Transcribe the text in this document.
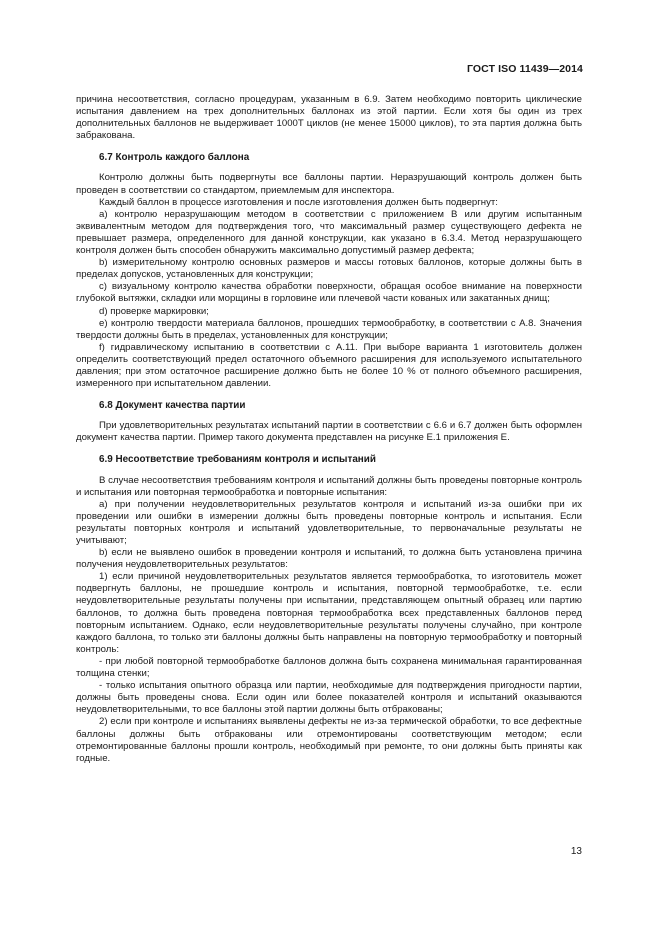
ГОСТ ISO 11439—2014

причина несоответствия, согласно процедурам, указанным в 6.9. Затем необходимо повторить циклические испытания давлением на трех дополнительных баллонах из этой партии. Если хотя бы один из трех дополнительных баллонов не выдерживает 1000T циклов (не менее 15000 циклов), то эта партия должна быть забракована.

6.7 Контроль каждого баллона

Контролю должны быть подвергнуты все баллоны партии. Неразрушающий контроль должен быть проведен в соответствии со стандартом, приемлемым для инспектора.

Каждый баллон в процессе изготовления и после изготовления должен быть подвергнут:

a) контролю неразрушающим методом в соответствии с приложением B или другим испытанным эквивалентным методом для подтверждения того, что максимальный размер существующего дефекта не превышает размера, определенного для данной конструкции, как указано в 6.3.4. Метод неразрушающего контроля должен быть способен обнаружить максимально допустимый размер дефекта;

b) измерительному контролю основных размеров и массы готовых баллонов, которые должны быть в пределах допусков, установленных для конструкции;

c) визуальному контролю качества обработки поверхности, обращая особое внимание на поверхности глубокой вытяжки, складки или морщины в горловине или плечевой части кованых или закатанных днищ;

d) проверке маркировки;

e) контролю твердости материала баллонов, прошедших термообработку, в соответствии с A.8. Значения твердости должны быть в пределах, установленных для конструкции;

f) гидравлическому испытанию в соответствии с A.11. При выборе варианта 1 изготовитель должен определить соответствующий предел остаточного объемного расширения для используемого испытательного давления; при этом остаточное расширение должно быть не более 10 % от полного объемного расширения, измеренного при испытательном давлении.

6.8 Документ качества партии

При удовлетворительных результатах испытаний партии в соответствии с 6.6 и 6.7 должен быть оформлен документ качества партии. Пример такого документа представлен на рисунке E.1 приложения E.

6.9 Несоответствие требованиям контроля и испытаний

В случае несоответствия требованиям контроля и испытаний должны быть проведены повторные контроль и испытания или повторная термообработка и повторные испытания:

a) при получении неудовлетворительных результатов контроля и испытаний из-за ошибки при их проведении или ошибки в измерении должны быть проведены повторные контроль и испытания. Если результаты повторных контроля и испытаний удовлетворительные, то первоначальные результаты не учитывают;

b) если не выявлено ошибок в проведении контроля и испытаний, то должна быть установлена причина получения неудовлетворительных результатов:

1) если причиной неудовлетворительных результатов является термообработка, то изготовитель может подвергнуть баллоны, не прошедшие контроль и испытания, повторной термообработке, т.е. если неудовлетворительные результаты получены при испытании, представляющем опытный образец или партию баллонов, то должна быть проведена повторная термообработка всех представленных баллонов перед повторным испытанием. Однако, если неудовлетворительные результаты получены случайно, при контроле каждого баллона, то только эти баллоны должны быть направлены на повторную термообработку и повторный контроль:

- при любой повторной термообработке баллонов должна быть сохранена минимальная гарантированная толщина стенки;

- только испытания опытного образца или партии, необходимые для подтверждения пригодности партии, должны быть проведены снова. Если один или более показателей контроля и испытаний оказываются неудовлетворительными, то все баллоны этой партии должны быть отбракованы;

2) если при контроле и испытаниях выявлены дефекты не из-за термической обработки, то все дефектные баллоны должны быть отбракованы или отремонтированы соответствующим методом; если отремонтированные баллоны прошли контроль, необходимый при ремонте, то они должны быть приняты как годные.

13
